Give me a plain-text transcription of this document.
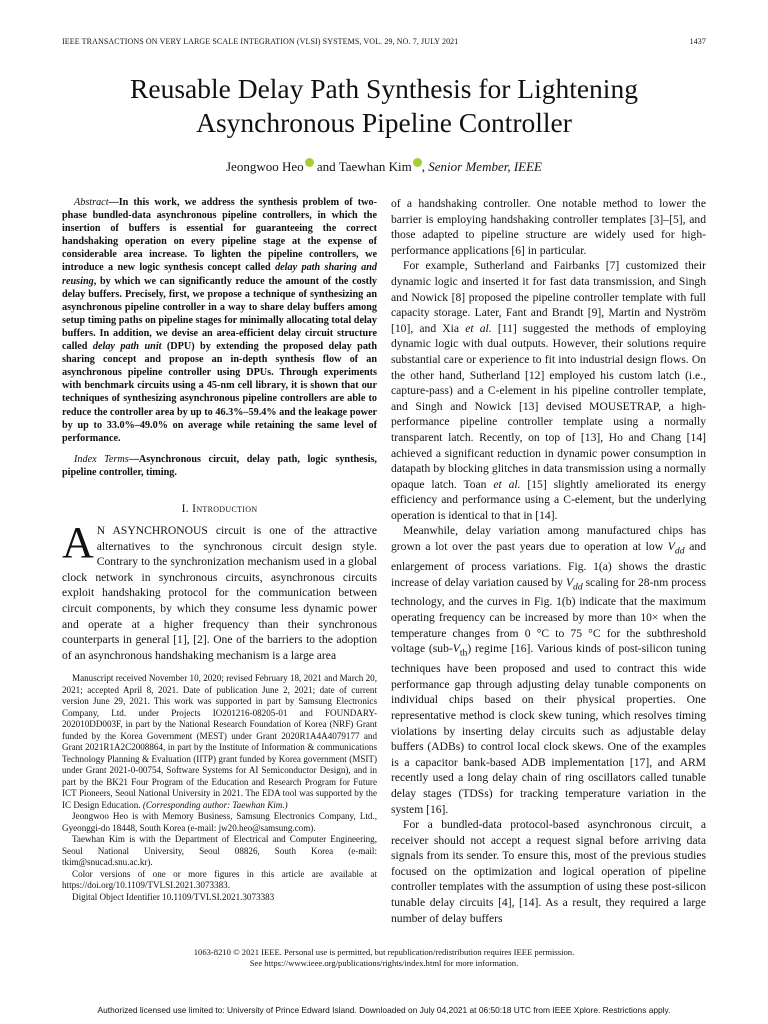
IEEE TRANSACTIONS ON VERY LARGE SCALE INTEGRATION (VLSI) SYSTEMS, VOL. 29, NO. 7, JULY 2021	1437
Reusable Delay Path Synthesis for Lightening
Asynchronous Pipeline Controller
Jeongwoo Heo and Taewhan Kim , Senior Member, IEEE

Abstract—In this work, we address the synthesis problem of two-phase bundled-data asynchronous pipeline controllers, in which the insertion of buffers is essential for guaranteeing the correct handshaking operation on every pipeline stage at the expense of considerable area increase. To lighten the pipeline controllers, we introduce a new logic synthesis concept called delay path sharing and reusing, by which we can significantly reduce the amount of the costly delay buffers. Precisely, first, we propose a technique of synthesizing an asynchronous pipeline controller in a way to share delay buffers among setup timing paths on pipeline stages for minimally allocating total delay buffers. In addition, we devise an area-efficient delay circuit structure called delay path unit (DPU) by extending the proposed delay path sharing concept and propose an in-depth synthesis flow of an asynchronous pipeline controller using DPUs. Through experiments with benchmark circuits using a 45-nm cell library, it is shown that our techniques of synthesizing asynchronous pipeline controllers are able to reduce the controller area by up to 46.3%–59.4% and the leakage power by up to 33.0%–49.0% on average while retaining the same level of performance.

Index Terms—Asynchronous circuit, delay path, logic synthesis, pipeline controller, timing.

I. Introduction

A N ASYNCHRONOUS circuit is one of the attractive alternatives to the synchronous circuit design style. Contrary to the synchronization mechanism used in a global clock network in synchronous circuits, asynchronous circuits exploit handshaking protocol for the communication between circuit components, by which they consume less dynamic power and operate at a higher frequency than their synchronous counterparts in general [1], [2]. One of the barriers to the adoption of an asynchronous handshaking mechanism is a large area

Manuscript received November 10, 2020; revised February 18, 2021 and March 20, 2021; accepted April 8, 2021. Date of publication June 2, 2021; date of current version June 29, 2021. This work was supported in part by Samsung Electronics Company, Ltd. under Projects IO201216-08205-01 and FOUNDARY-202010DD003F, in part by the National Research Foundation of Korea (NRF) Grant funded by the Korea Government (MEST) under Grant 2020R1A4A4079177 and Grant 2021R1A2C2008864, in part by the Institute of Information & communications Technology Planning & Evaluation (IITP) grant funded by Korea government (MSIT) under Grant 2021-0-00754, Software Systems for AI Semiconductor Design), and in part by the BK21 Four Program of the Education and Research Program for Future ICT Pioneers, Seoul National University in 2021. The EDA tool was supported by the IC Design Education. (Corresponding author: Taewhan Kim.)

Jeongwoo Heo is with Memory Business, Samsung Electronics Company, Ltd., Gyeonggi-do 18448, South Korea (e-mail: jw20.heo@samsung.com).

Taewhan Kim is with the Department of Electrical and Computer Engineering, Seoul National University, Seoul 08826, South Korea (e-mail: tkim@snucad.snu.ac.kr).

Color versions of one or more figures in this article are available at https://doi.org/10.1109/TVLSI.2021.3073383.

Digital Object Identifier 10.1109/TVLSI.2021.3073383

of a handshaking controller. One notable method to lower the barrier is employing handshaking controller templates [3]–[5], and those adapted to pipeline structure are widely used for high-performance applications [6] in particular.

For example, Sutherland and Fairbanks [7] customized their dynamic logic and inserted it for fast data transmission, and Singh and Nowick [8] proposed the pipeline controller template with full capacity storage. Later, Fant and Brandt [9], Martin and Nyström [10], and Xia et al. [11] suggested the methods of employing dynamic logic with dual outputs. However, their solutions require substantial care or experience to fit into industrial design flows. On the other hand, Sutherland [12] employed his custom latch (i.e., capture-pass) and a C-element in his pipeline controller template, and Singh and Nowick [13] devised MOUSETRAP, a high-performance pipeline controller template using a normally transparent latch. Recently, on top of [13], Ho and Chang [14] achieved a significant reduction in dynamic power consumption in datapath by blocking glitches in data transmission using a normally opaque latch. Toan et al. [15] slightly ameliorated its energy efficiency and performance using a C-element, but the underlying operation is identical to that in [14].

Meanwhile, delay variation among manufactured chips has grown a lot over the past years due to operation at low $V_{dd}$ and enlargement of process variations. Fig. 1(a) shows the drastic increase of delay variation caused by $V_{dd}$ scaling for 28-nm process technology, and the curves in Fig. 1(b) indicate that the maximum operating frequency can be increased by more than 10× when the temperature changes from 0 °C to 75 °C for the subthreshold voltage $(sub-V_{th})$ regime [16]. Various kinds of post-silicon tuning techniques have been proposed and used to contract this wide performance gap through adjusting delay tunable components on individual chips based on their physical properties. One representative method is clock skew tuning, which resolves timing violations by inserting delay circuits such as adjustable delay buffers (ADBs) to control local clock skews. One of the examples is a capacitor bank-based ADB implementation [17], and ARM recently used a long delay chain of ring oscillators called tunable delay stages (TDSs) for tracking temperature variation in the system [16].

For a bundled-data protocol-based asynchronous circuit, a receiver should not accept a request signal before arriving data signals from its sender. To ensure this, most of the previous studies focused on the optimization and logical operation of pipeline controller templates with the assumption of using these post-silicon tunable delay circuits [4], [14]. As a result, they required a large number of delay buffers

1063-8210 © 2021 IEEE. Personal use is permitted, but republication/redistribution requires IEEE permission.
See https://www.ieee.org/publications/rights/index.html for more information.
Authorized licensed use limited to: University of Prince Edward Island. Downloaded on July 04,2021 at 06:50:18 UTC from IEEE Xplore. Restrictions apply.
